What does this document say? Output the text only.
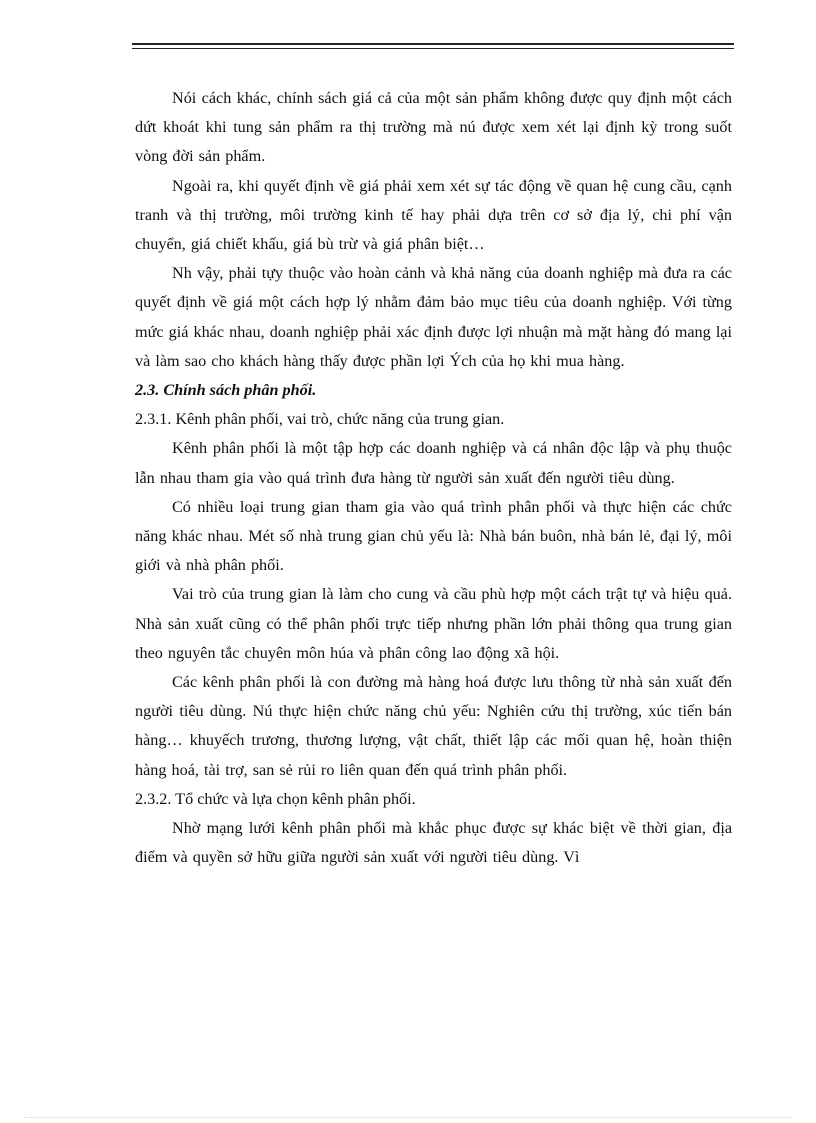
Nói cách khác, chính sách giá cả của một sản phẩm không được quy định một cách dứt khoát khi tung sản phẩm ra thị trường mà nú được xem xét lại định kỳ trong suốt vòng đời sản phẩm.

Ngoài ra, khi quyết định về giá phải xem xét sự tác động về quan hệ cung cầu, cạnh tranh và thị trường, môi trường kinh tế hay phải dựa trên cơ sở địa lý, chi phí vận chuyển, giá chiết khấu, giá bù trừ và giá phân biệt…

Nh vậy, phải tựy thuộc vào hoàn cảnh và khả năng của doanh nghiệp mà đưa ra các quyết định về giá một cách hợp lý nhằm đảm bảo mục tiêu của doanh nghiệp. Với từng mức giá khác nhau, doanh nghiệp phải xác định được lợi nhuận mà mặt hàng đó mang lại và làm sao cho khách hàng thấy được phần lợi Ých của họ khi mua hàng.

2.3. Chính sách phân phối.

2.3.1. Kênh phân phối, vai trò, chức năng của trung gian.

Kênh phân phối là một tập hợp các doanh nghiệp và cá nhân độc lập và phụ thuộc lẫn nhau tham gia vào quá trình đưa hàng từ người sản xuất đến người tiêu dùng.

Có nhiều loại trung gian tham gia vào quá trình phân phối và thực hiện các chức năng khác nhau. Mét số nhà trung gian chủ yếu là: Nhà bán buôn, nhà bán lẻ, đại lý, môi giới và nhà phân phối.

Vai trò của trung gian là làm cho cung và cầu phù hợp một cách trật tự và hiệu quả. Nhà sản xuất cũng có thể phân phối trực tiếp nhưng phần lớn phải thông qua trung gian theo nguyên tắc chuyên môn húa và phân công lao động xã hội.

Các kênh phân phối là con đường mà hàng hoá được lưu thông từ nhà sản xuất đến người tiêu dùng. Nú thực hiện chức năng chủ yếu: Nghiên cứu thị trường, xúc tiến bán hàng… khuyếch trương, thương lượng, vật chất, thiết lập các mối quan hệ, hoàn thiện hàng hoá, tài trợ, san sẻ rủi ro liên quan đến quá trình phân phối.

2.3.2. Tổ chức và lựa chọn kênh phân phối.

Nhờ mạng lưới kênh phân phối mà khắc phục được sự khác biệt về thời gian, địa điểm và quyền sở hữu giữa người sản xuất với người tiêu dùng. Vì
